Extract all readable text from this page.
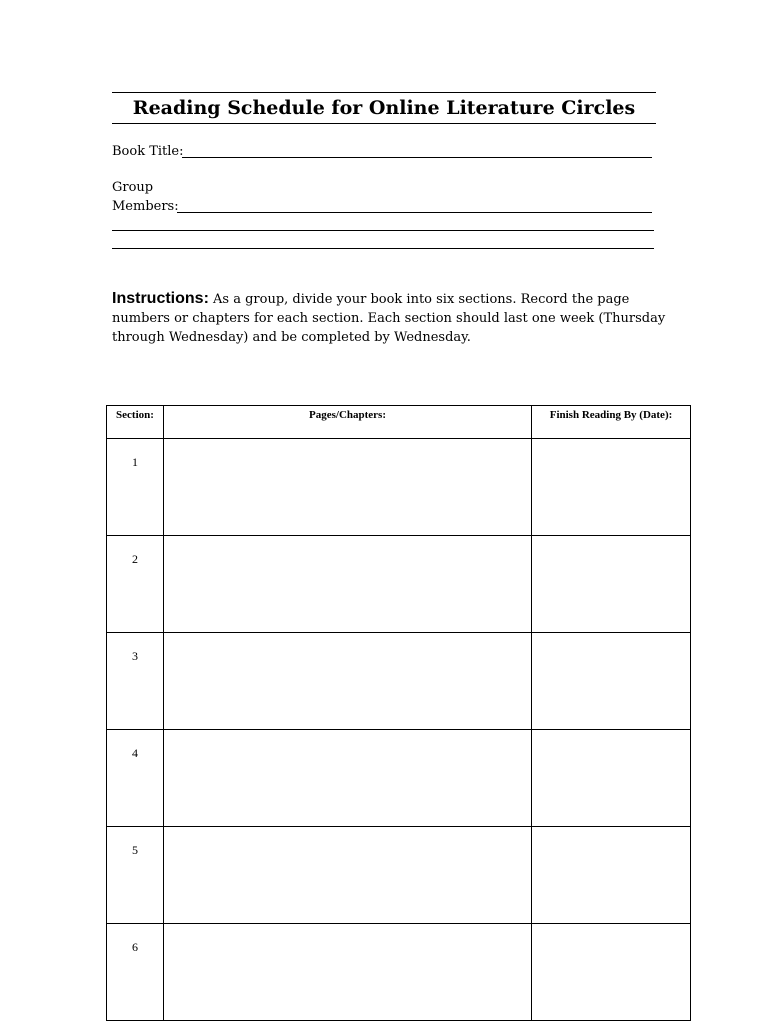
Reading Schedule for Online Literature Circles
Book Title:
Group
Members:
Instructions: As a group, divide your book into six sections. Record the page numbers or chapters for each section. Each section should last one week (Thursday through Wednesday) and be completed by Wednesday.
Section:	Pages/Chapters:	Finish Reading By (Date):
1		
2		
3		
4		
5		
6		
